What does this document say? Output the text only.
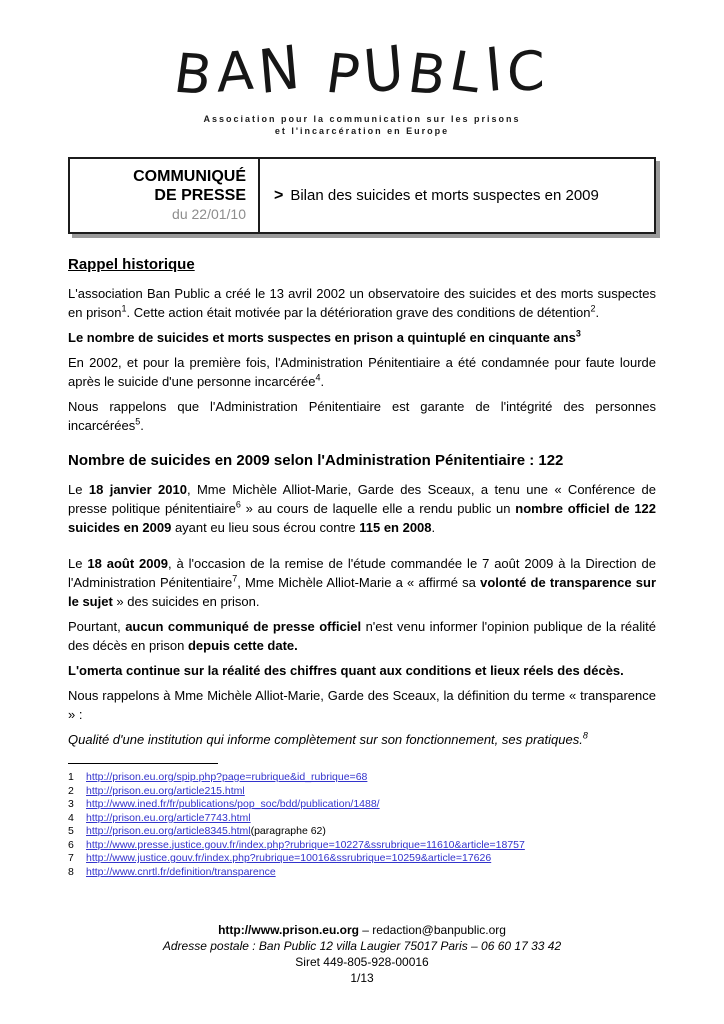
BAN PUBLIC
Association pour la communication sur les prisons
et l'incarcération en Europe
COMMUNIQUÉ
DE PRESSE
du 22/01/10
> Bilan des suicides et morts suspectes en 2009
Rappel historique
L'association Ban Public a créé le 13 avril 2002 un observatoire des suicides et des morts suspectes en prison$^1$. Cette action était motivée par la détérioration grave des conditions de détention$^2$.
Le nombre de suicides et morts suspectes en prison a quintuplé en cinquante ans$^3$
En 2002, et pour la première fois, l'Administration Pénitentiaire a été condamnée pour faute lourde après le suicide d'une personne incarcérée$^4$.
Nous rappelons que l'Administration Pénitentiaire est garante de l'intégrité des personnes incarcérées$^5$.
Nombre de suicides en 2009 selon l'Administration Pénitentiaire : 122
Le 18 janvier 2010, Mme Michèle Alliot-Marie, Garde des Sceaux, a tenu une « Conférence de presse politique pénitentiaire$^6$ » au cours de laquelle elle a rendu public un nombre officiel de 122 suicides en 2009 ayant eu lieu sous écrou contre 115 en 2008.
Le 18 août 2009, à l'occasion de la remise de l'étude commandée le 7 août 2009 à la Direction de l'Administration Pénitentiaire$^7$, Mme Michèle Alliot-Marie a « affirmé sa volonté de transparence sur le sujet » des suicides en prison.
Pourtant, aucun communiqué de presse officiel n'est venu informer l'opinion publique de la réalité des décès en prison depuis cette date.
L'omerta continue sur la réalité des chiffres quant aux conditions et lieux réels des décès.
Nous rappelons à Mme Michèle Alliot-Marie, Garde des Sceaux, la définition du terme « transparence » :
Qualité d'une institution qui informe complètement sur son fonctionnement, ses pratiques.$^8$
1	http://prison.eu.org/spip.php?page=rubrique&id_rubrique=68
2	http://prison.eu.org/article215.html
3	http://www.ined.fr/fr/publications/pop_soc/bdd/publication/1488/
4	http://prison.eu.org/article7743.html
5	http://prison.eu.org/article8345.html (paragraphe 62)
6	http://www.presse.justice.gouv.fr/index.php?rubrique=10227&ssrubrique=11610&article=18757
7	http://www.justice.gouv.fr/index.php?rubrique=10016&ssrubrique=10259&article=17626
8	http://www.cnrtl.fr/definition/transparence
http://www.prison.eu.org – redaction@banpublic.org
Adresse postale : Ban Public 12 villa Laugier 75017 Paris – 06 60 17 33 42
Siret 449-805-928-00016
1/13
